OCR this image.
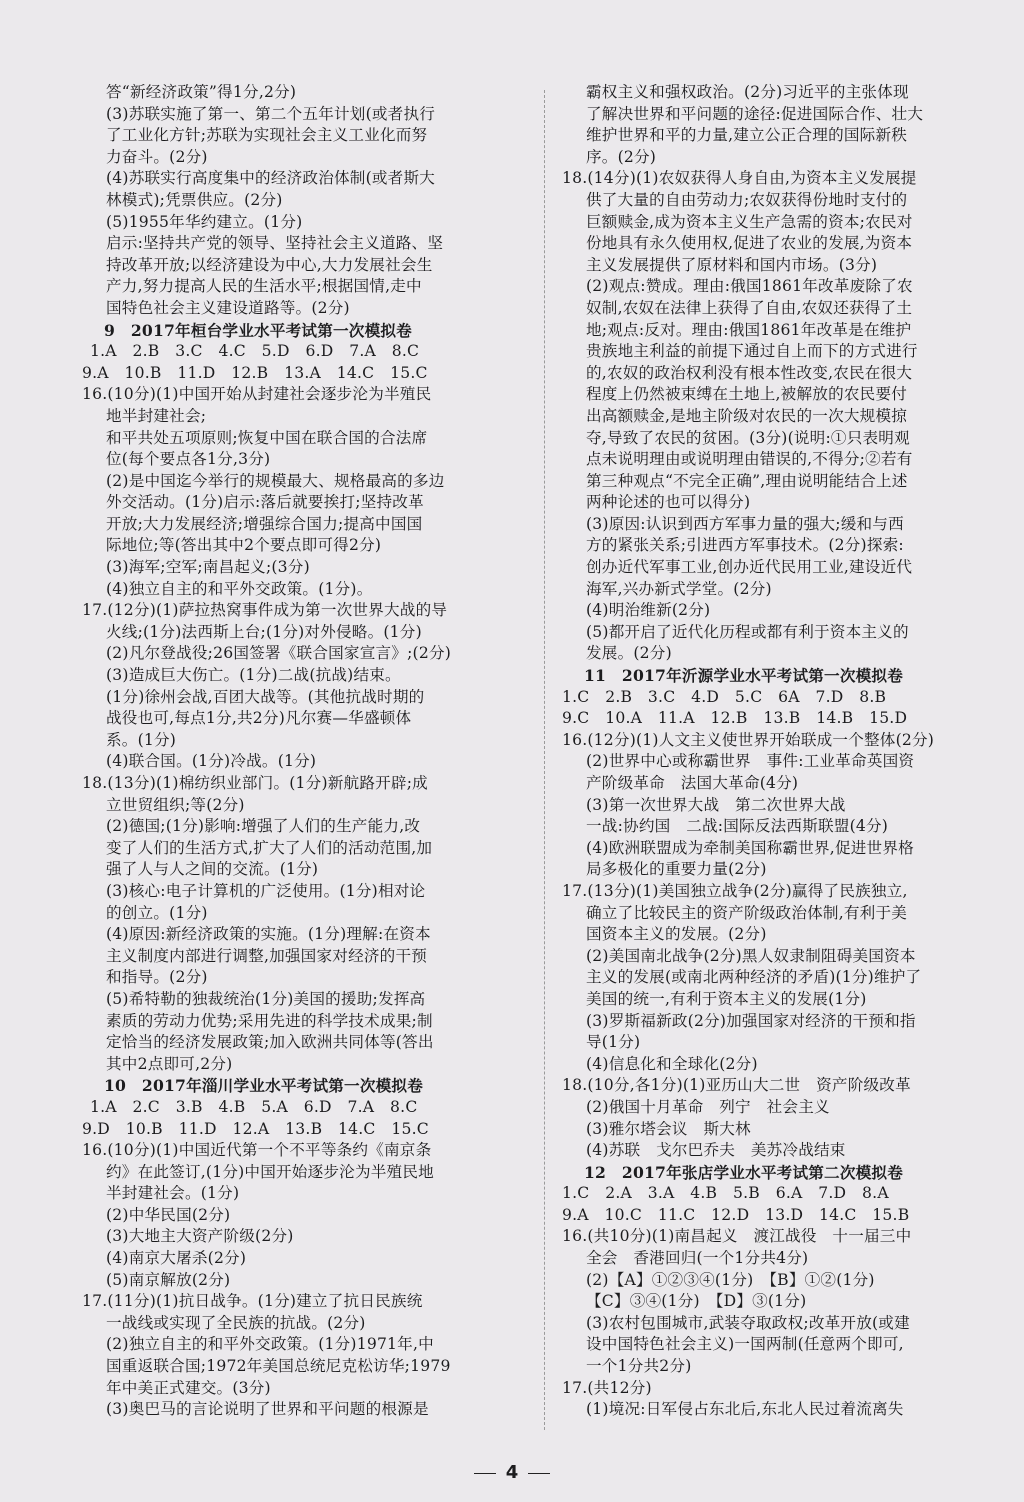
答“新经济政策”得1分,2分)
(3)苏联实施了第一、第二个五年计划(或者执行
了工业化方针;苏联为实现社会主义工业化而努
力奋斗。(2分)
(4)苏联实行高度集中的经济政治体制(或者斯大
林模式);凭票供应。(2分)
(5)1955年华约建立。(1分)
启示:坚持共产党的领导、坚持社会主义道路、坚
持改革开放;以经济建设为中心,大力发展社会生
产力,努力提高人民的生活水平;根据国情,走中
国特色社会主义建设道路等。(2分)
9　2017年桓台学业水平考试第一次模拟卷
1.A　2.B　3.C　4.C　5.D　6.D　7.A　8.C
9.A　10.B　11.D　12.B　13.A　14.C　15.C
16.(10分)(1)中国开始从封建社会逐步沦为半殖民
地半封建社会;
和平共处五项原则;恢复中国在联合国的合法席
位(每个要点各1分,3分)
(2)是中国迄今举行的规模最大、规格最高的多边
外交活动。(1分)启示:落后就要挨打;坚持改革
开放;大力发展经济;增强综合国力;提高中国国
际地位;等(答出其中2个要点即可得2分)
(3)海军;空军;南昌起义;(3分)
(4)独立自主的和平外交政策。(1分)。
17.(12分)(1)萨拉热窝事件成为第一次世界大战的导
火线;(1分)法西斯上台;(1分)对外侵略。(1分)
(2)凡尔登战役;26国签署《联合国家宣言》;(2分)
(3)造成巨大伤亡。(1分)二战(抗战)结束。
(1分)徐州会战,百团大战等。(其他抗战时期的
战役也可,每点1分,共2分)凡尔赛—华盛顿体
系。(1分)
(4)联合国。(1分)冷战。(1分)
18.(13分)(1)棉纺织业部门。(1分)新航路开辟;成
立世贸组织;等(2分)
(2)德国;(1分)影响:增强了人们的生产能力,改
变了人们的生活方式,扩大了人们的活动范围,加
强了人与人之间的交流。(1分)
(3)核心:电子计算机的广泛使用。(1分)相对论
的创立。(1分)
(4)原因:新经济政策的实施。(1分)理解:在资本
主义制度内部进行调整,加强国家对经济的干预
和指导。(2分)
(5)希特勒的独裁统治(1分)美国的援助;发挥高
素质的劳动力优势;采用先进的科学技术成果;制
定恰当的经济发展政策;加入欧洲共同体等(答出
其中2点即可,2分)
10　2017年淄川学业水平考试第一次模拟卷
1.A　2.C　3.B　4.B　5.A　6.D　7.A　8.C
9.D　10.B　11.D　12.A　13.B　14.C　15.C
16.(10分)(1)中国近代第一个不平等条约《南京条
约》在此签订,(1分)中国开始逐步沦为半殖民地
半封建社会。(1分)
(2)中华民国(2分)
(3)大地主大资产阶级(2分)
(4)南京大屠杀(2分)
(5)南京解放(2分)
17.(11分)(1)抗日战争。(1分)建立了抗日民族统
一战线或实现了全民族的抗战。(2分)
(2)独立自主的和平外交政策。(1分)1971年,中
国重返联合国;1972年美国总统尼克松访华;1979
年中美正式建交。(3分)
(3)奥巴马的言论说明了世界和平问题的根源是
霸权主义和强权政治。(2分)习近平的主张体现
了解决世界和平问题的途径:促进国际合作、壮大
维护世界和平的力量,建立公正合理的国际新秩
序。(2分)
18.(14分)(1)农奴获得人身自由,为资本主义发展提
供了大量的自由劳动力;农奴获得份地时支付的
巨额赎金,成为资本主义生产急需的资本;农民对
份地具有永久使用权,促进了农业的发展,为资本
主义发展提供了原材料和国内市场。(3分)
(2)观点:赞成。理由:俄国1861年改革废除了农
奴制,农奴在法律上获得了自由,农奴还获得了土
地;观点:反对。理由:俄国1861年改革是在维护
贵族地主利益的前提下通过自上而下的方式进行
的,农奴的政治权利没有根本性改变,农民在很大
程度上仍然被束缚在土地上,被解放的农民要付
出高额赎金,是地主阶级对农民的一次大规模掠
夺,导致了农民的贫困。(3分)(说明:①只表明观
点未说明理由或说明理由错误的,不得分;②若有
第三种观点“不完全正确”,理由说明能结合上述
两种论述的也可以得分)
(3)原因:认识到西方军事力量的强大;缓和与西
方的紧张关系;引进西方军事技术。(2分)探索:
创办近代军事工业,创办近代民用工业,建设近代
海军,兴办新式学堂。(2分)
(4)明治维新(2分)
(5)都开启了近代化历程或都有利于资本主义的
发展。(2分)
11　2017年沂源学业水平考试第一次模拟卷
1.C　2.B　3.C　4.D　5.C　6A　7.D　8.B
9.C　10.A　11.A　12.B　13.B　14.B　15.D
16.(12分)(1)人文主义使世界开始联成一个整体(2分)
(2)世界中心或称霸世界　事件:工业革命英国资
产阶级革命　法国大革命(4分)
(3)第一次世界大战　第二次世界大战
一战:协约国　二战:国际反法西斯联盟(4分)
(4)欧洲联盟成为牵制美国称霸世界,促进世界格
局多极化的重要力量(2分)
17.(13分)(1)美国独立战争(2分)赢得了民族独立,
确立了比较民主的资产阶级政治体制,有利于美
国资本主义的发展。(2分)
(2)美国南北战争(2分)黑人奴隶制阻碍美国资本
主义的发展(或南北两种经济的矛盾)(1分)维护了
美国的统一,有利于资本主义的发展(1分)
(3)罗斯福新政(2分)加强国家对经济的干预和指
导(1分)
(4)信息化和全球化(2分)
18.(10分,各1分)(1)亚历山大二世　资产阶级改革
(2)俄国十月革命　列宁　社会主义
(3)雅尔塔会议　斯大林
(4)苏联　戈尔巴乔夫　美苏冷战结束
12　2017年张店学业水平考试第二次模拟卷
1.C　2.A　3.A　4.B　5.B　6.A　7.D　8.A
9.A　10.C　11.C　12.D　13.D　14.C　15.B
16.(共10分)(1)南昌起义　渡江战役　十一届三中
全会　香港回归(一个1分共4分)
(2)【A】①②③④(1分)　【B】①②(1分)
【C】③④(1分)　【D】③(1分)
(3)农村包围城市,武装夺取政权;改革开放(或建
设中国特色社会主义)一国两制(任意两个即可,
一个1分共2分)
17.(共12分)
(1)境况:日军侵占东北后,东北人民过着流离失
4
